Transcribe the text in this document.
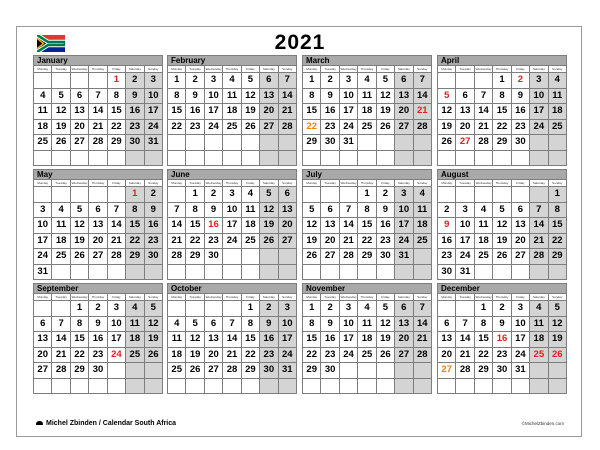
2021
January
Monday	Tuesday	Wednesday	Thursday	Friday	Saturday	Sunday
				1	2	3
4	5	6	7	8	9	10
11	12	13	14	15	16	17
18	19	20	21	22	23	24
25	26	27	28	29	30	31

February
Monday	Tuesday	Wednesday	Thursday	Friday	Saturday	Sunday
1	2	3	4	5	6	7
8	9	10	11	12	13	14
15	16	17	18	19	20	21
22	23	24	25	26	27	28

March
Monday	Tuesday	Wednesday	Thursday	Friday	Saturday	Sunday
1	2	3	4	5	6	7
8	9	10	11	12	13	14
15	16	17	18	19	20	21
22	23	24	25	26	27	28
29	30	31				

April
Monday	Tuesday	Wednesday	Thursday	Friday	Saturday	Sunday
			1	2	3	4
5	6	7	8	9	10	11
12	13	14	15	16	17	18
19	20	21	22	23	24	25
26	27	28	29	30		

May
Monday	Tuesday	Wednesday	Thursday	Friday	Saturday	Sunday
					1	2
3	4	5	6	7	8	9
10	11	12	13	14	15	16
17	18	19	20	21	22	23
24	25	26	27	28	29	30
31						
June
Monday	Tuesday	Wednesday	Thursday	Friday	Saturday	Sunday
	1	2	3	4	5	6
7	8	9	10	11	12	13
14	15	16	17	18	19	20
21	22	23	24	25	26	27
28	29	30				

July
Monday	Tuesday	Wednesday	Thursday	Friday	Saturday	Sunday
			1	2	3	4
5	6	7	8	9	10	11
12	13	14	15	16	17	18
19	20	21	22	23	24	25
26	27	28	29	30	31	

August
Monday	Tuesday	Wednesday	Thursday	Friday	Saturday	Sunday
						1
2	3	4	5	6	7	8
9	10	11	12	13	14	15
16	17	18	19	20	21	22
23	24	25	26	27	28	29
30	31					
September
Monday	Tuesday	Wednesday	Thursday	Friday	Saturday	Sunday
		1	2	3	4	5
6	7	8	9	10	11	12
13	14	15	16	17	18	19
20	21	22	23	24	25	26
27	28	29	30			

October
Monday	Tuesday	Wednesday	Thursday	Friday	Saturday	Sunday
				1	2	3
4	5	6	7	8	9	10
11	12	13	14	15	16	17
18	19	20	21	22	23	24
25	26	27	28	29	30	31

November
Monday	Tuesday	Wednesday	Thursday	Friday	Saturday	Sunday
1	2	3	4	5	6	7
8	9	10	11	12	13	14
15	16	17	18	19	20	21
22	23	24	25	26	27	28
29	30					

December
Monday	Tuesday	Wednesday	Thursday	Friday	Saturday	Sunday
		1	2	3	4	5
6	7	8	9	10	11	12
13	14	15	16	17	18	19
20	21	22	23	24	25	26
27	28	29	30	31		

Michel Zbinden / Calendar South Africa	©MichelZbinden.com
